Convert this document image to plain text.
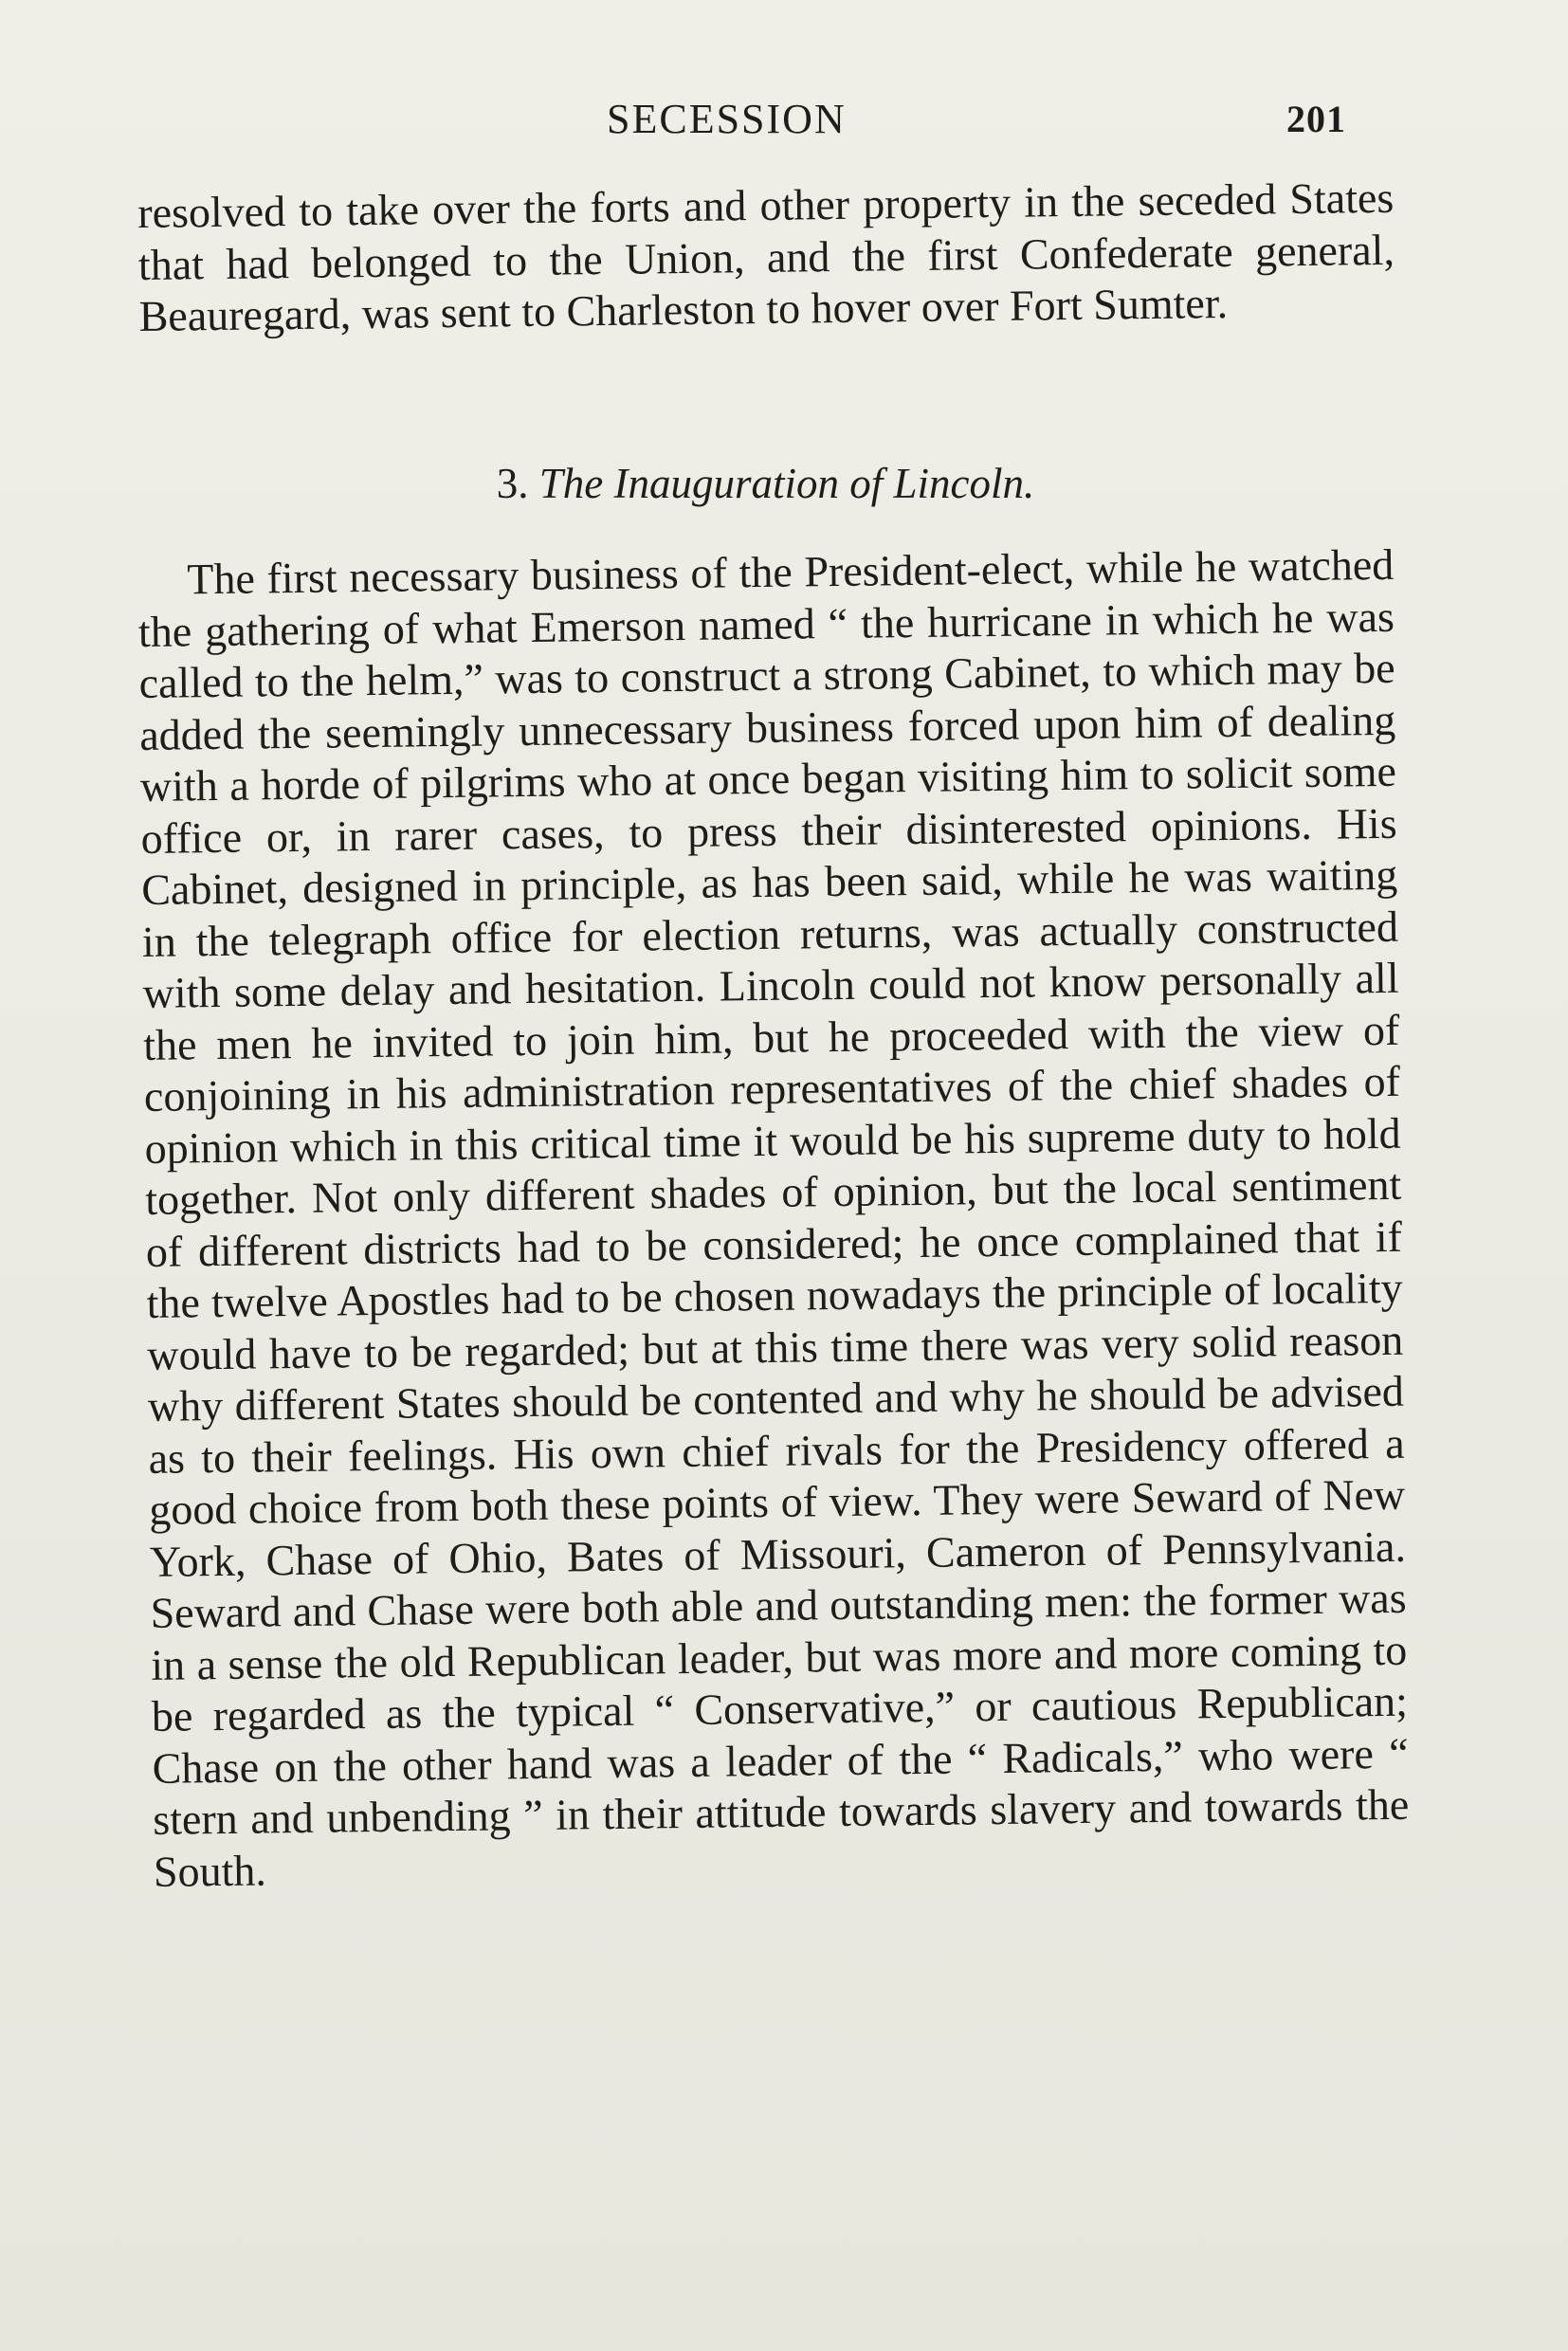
SECESSION	201

resolved to take over the forts and other property in the seceded States that had belonged to the Union, and the first Confederate general, Beauregard, was sent to Charleston to hover over Fort Sumter.

3. The Inauguration of Lincoln.

The first necessary business of the President-elect, while he watched the gathering of what Emerson named “ the hurricane in which he was called to the helm,” was to construct a strong Cabinet, to which may be added the seemingly unnecessary business forced upon him of dealing with a horde of pilgrims who at once began visiting him to solicit some office or, in rarer cases, to press their disinterested opinions. His Cabinet, designed in principle, as has been said, while he was waiting in the telegraph office for election returns, was actually constructed with some delay and hesitation. Lincoln could not know personally all the men he invited to join him, but he proceeded with the view of conjoining in his administration representatives of the chief shades of opinion which in this critical time it would be his supreme duty to hold together. Not only different shades of opinion, but the local sentiment of different districts had to be considered; he once complained that if the twelve Apostles had to be chosen nowadays the principle of locality would have to be regarded; but at this time there was very solid reason why different States should be contented and why he should be advised as to their feelings. His own chief rivals for the Presidency offered a good choice from both these points of view. They were Seward of New York, Chase of Ohio, Bates of Missouri, Cameron of Pennsylvania. Seward and Chase were both able and outstanding men: the former was in a sense the old Republican leader, but was more and more coming to be regarded as the typical “ Conservative,” or cautious Republican; Chase on the other hand was a leader of the “ Radicals,” who were “ stern and unbending ” in their attitude towards slavery and towards the South.
